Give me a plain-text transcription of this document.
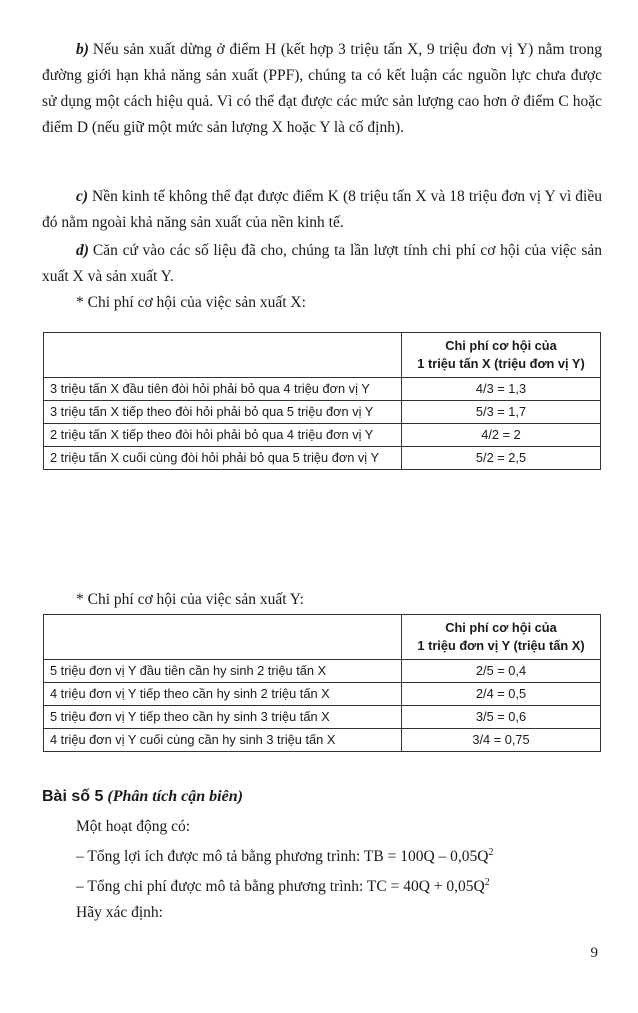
b) Nếu sản xuất dừng ở điểm H (kết hợp 3 triệu tấn X, 9 triệu đơn vị Y) nằm trong đường giới hạn khả năng sản xuất (PPF), chúng ta có kết luận các nguồn lực chưa được sử dụng một cách hiệu quả. Vì có thể đạt được các mức sản lượng cao hơn ở điểm C hoặc điểm D (nếu giữ một mức sản lượng X hoặc Y là cố định).

c) Nền kinh tế không thể đạt được điểm K (8 triệu tấn X và 18 triệu đơn vị Y vì điều đó nằm ngoài khả năng sản xuất của nền kinh tế.

d) Căn cứ vào các số liệu đã cho, chúng ta lần lượt tính chi phí cơ hội của việc sản xuất X và sản xuất Y.

* Chi phí cơ hội của việc sản xuất X:

	Chi phí cơ hội của
1 triệu tấn X (triệu đơn vị Y)
3 triệu tấn X đầu tiên đòi hỏi phải bỏ qua 4 triệu đơn vị Y	4/3 = 1,3
3 triệu tấn X tiếp theo đòi hỏi phải bỏ qua 5 triệu đơn vị Y	5/3 = 1,7
2 triệu tấn X tiếp theo đòi hỏi phải bỏ qua 4 triệu đơn vị Y	4/2 = 2
2 triệu tấn X cuối cùng đòi hỏi phải bỏ qua 5 triệu đơn vị Y	5/2 = 2,5

* Chi phí cơ hội của việc sản xuất Y:

	Chi phí cơ hội của
1 triệu đơn vị Y (triệu tấn X)
5 triệu đơn vị Y đầu tiên cần hy sinh 2 triệu tấn X	2/5 = 0,4
4 triệu đơn vị Y tiếp theo cần hy sinh 2 triệu tấn X	2/4 = 0,5
5 triệu đơn vị Y tiếp theo cần hy sinh 3 triệu tấn X	3/5 = 0,6
4 triệu đơn vị Y cuối cùng cần hy sinh 3 triệu tấn X	3/4 = 0,75

Bài số 5 (Phân tích cận biên)

Một hoạt động có:
– Tổng lợi ích được mô tả bằng phương trình: TB = $100Q - 0,05Q^2$
– Tổng chi phí được mô tả bằng phương trình: TC = $40Q + 0,05Q^2$
Hãy xác định:
9
